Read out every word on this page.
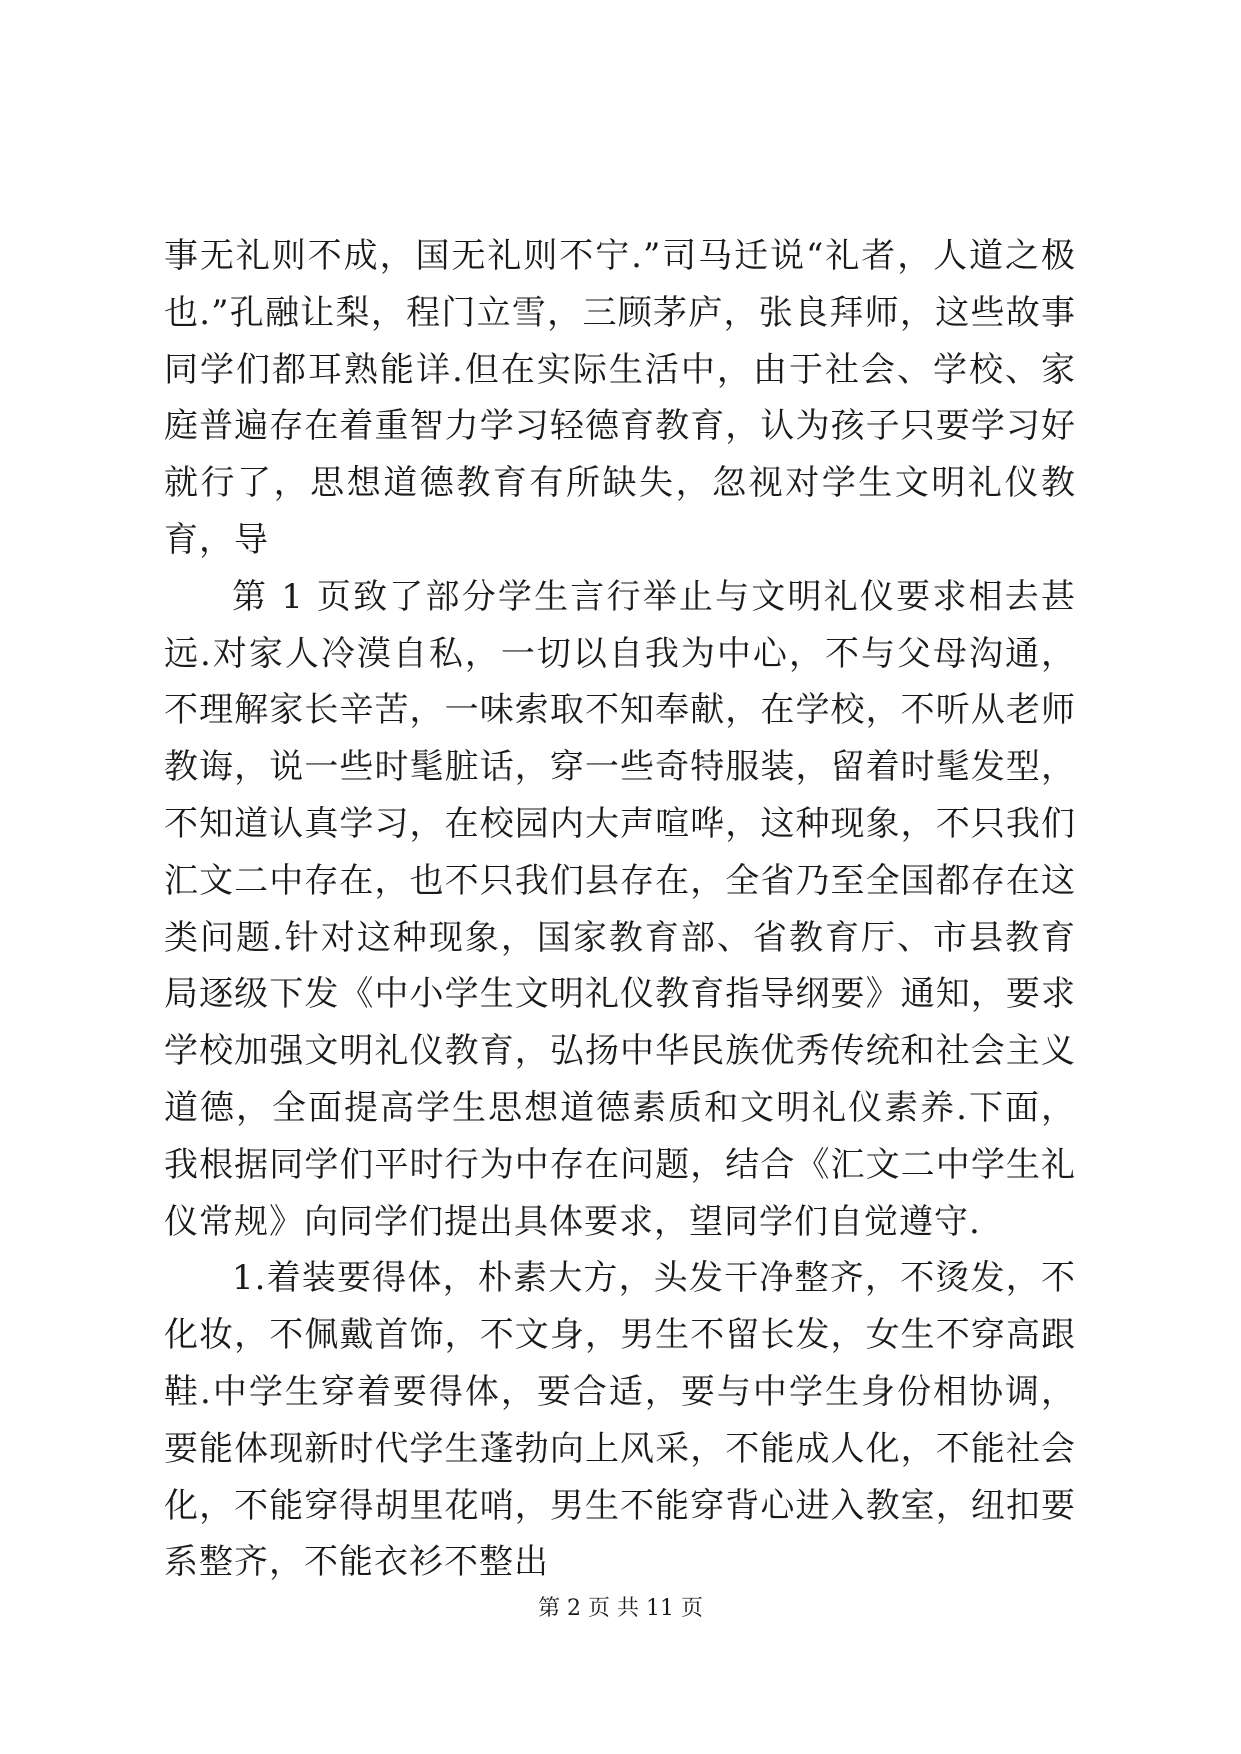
事无礼则不成，国无礼则不宁.”司马迁说“礼者，人道之极也.”孔融让梨，程门立雪，三顾茅庐，张良拜师，这些故事同学们都耳熟能详.但在实际生活中，由于社会、学校、家庭普遍存在着重智力学习轻德育教育，认为孩子只要学习好就行了，思想道德教育有所缺失，忽视对学生文明礼仪教育，导

第 1 页致了部分学生言行举止与文明礼仪要求相去甚远.对家人冷漠自私，一切以自我为中心，不与父母沟通，不理解家长辛苦，一味索取不知奉献，在学校，不听从老师教诲，说一些时髦脏话，穿一些奇特服装，留着时髦发型，不知道认真学习，在校园内大声喧哗，这种现象，不只我们汇文二中存在，也不只我们县存在，全省乃至全国都存在这类问题.针对这种现象，国家教育部、省教育厅、市县教育局逐级下发《中小学生文明礼仪教育指导纲要》通知，要求学校加强文明礼仪教育，弘扬中华民族优秀传统和社会主义道德，全面提高学生思想道德素质和文明礼仪素养.下面，我根据同学们平时行为中存在问题，结合《汇文二中学生礼仪常规》向同学们提出具体要求，望同学们自觉遵守.

1.着装要得体，朴素大方，头发干净整齐，不烫发，不化妆，不佩戴首饰，不文身，男生不留长发，女生不穿高跟鞋.中学生穿着要得体，要合适，要与中学生身份相协调，要能体现新时代学生蓬勃向上风采，不能成人化，不能社会化，不能穿得胡里花哨，男生不能穿背心进入教室，纽扣要系整齐，不能衣衫不整出

第 2 页 共 11 页
